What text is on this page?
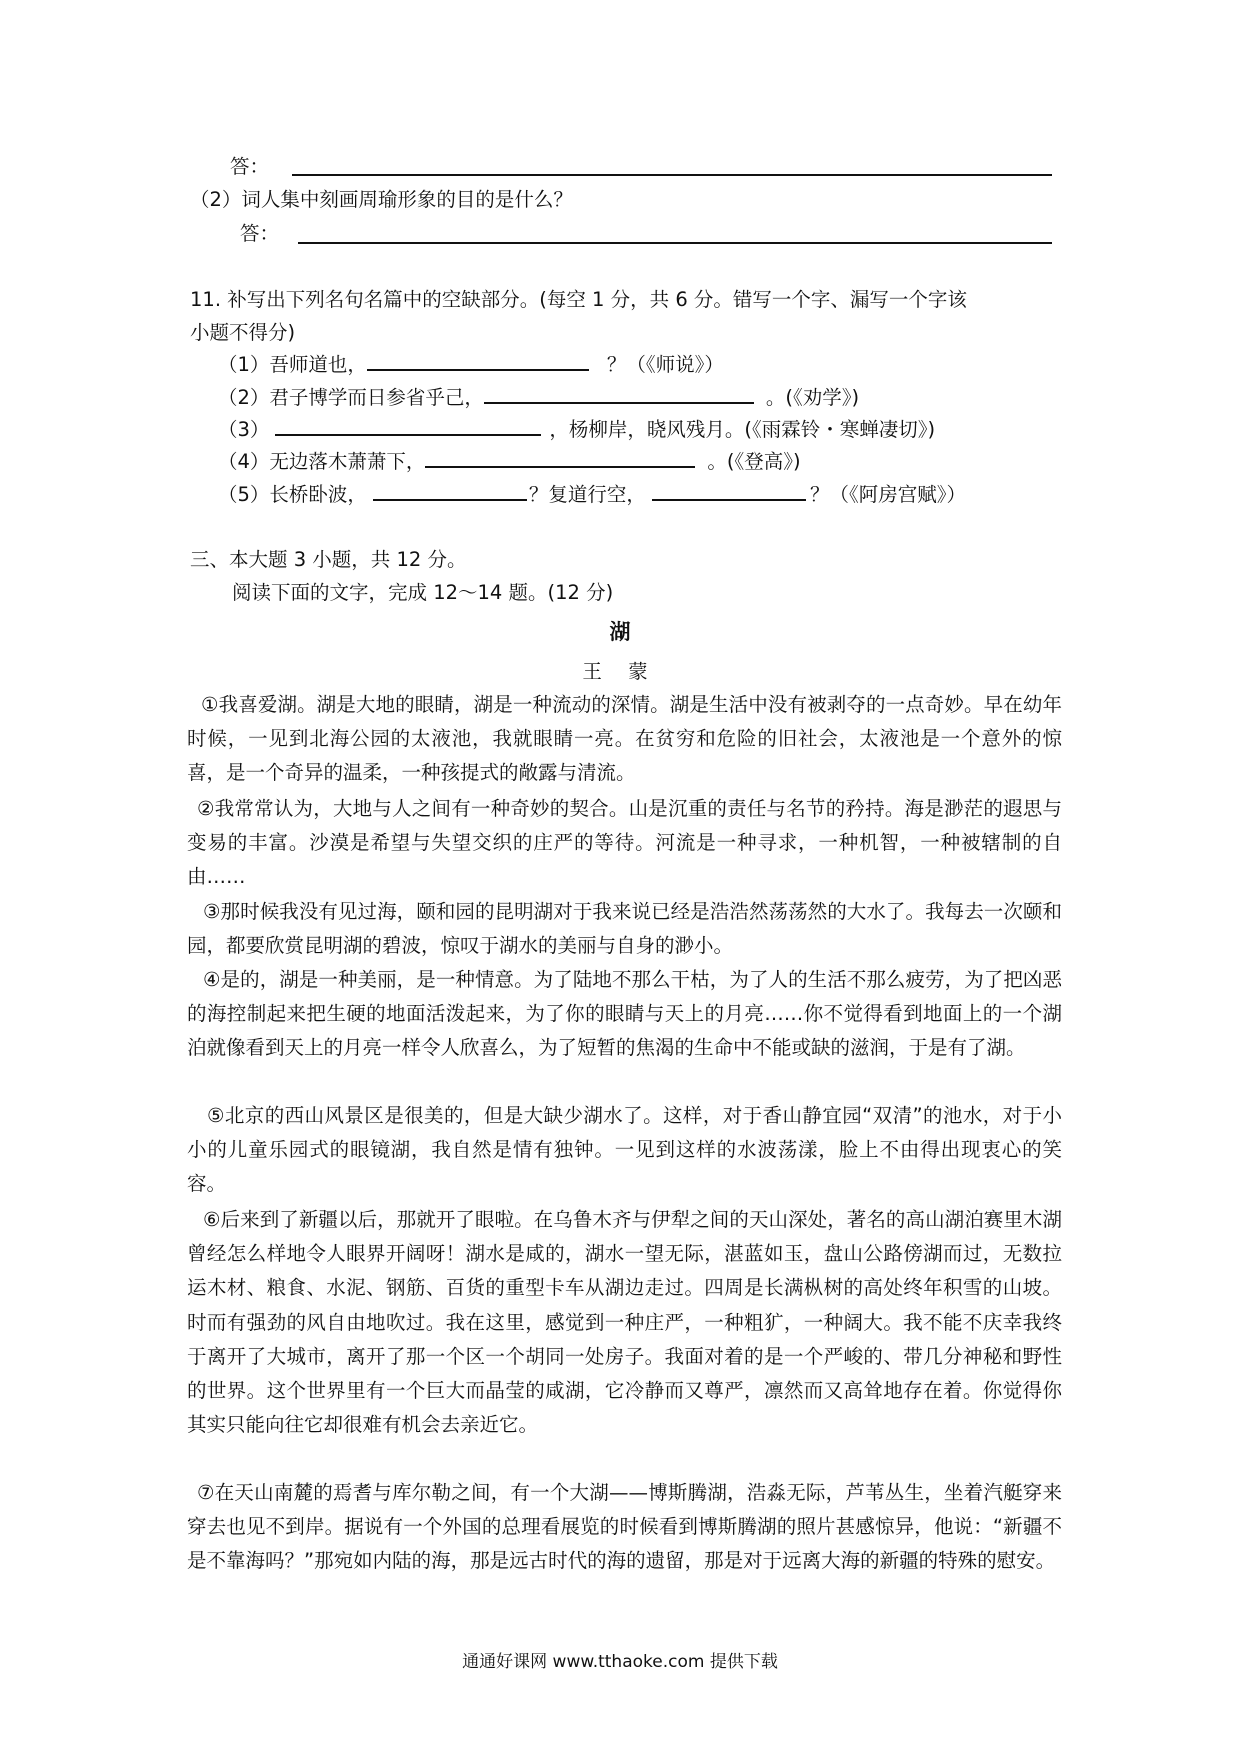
答：
（2）词人集中刻画周瑜形象的目的是什么？
答：
11. 补写出下列名句名篇中的空缺部分。(每空 1 分，共 6 分。错写一个字、漏写一个字该
小题不得分)
（1）吾师道也，	？（《师说》）
（2）君子博学而日参省乎己，	。(《劝学》)
（3）	，杨柳岸，晓风残月。(《雨霖铃・寒蝉凄切》)
（4）无边落木萧萧下，	。(《登高》)
（5）长桥卧波，	？复道行空，	？（《阿房宫赋》）
三、本大题 3 小题，共 12 分。
阅读下面的文字，完成 12～14 题。(12 分)
湖
王 蒙
①我喜爱湖。湖是大地的眼睛，湖是一种流动的深情。湖是生活中没有被剥夺的一点奇妙。早在幼年时候，一见到北海公园的太液池，我就眼睛一亮。在贫穷和危险的旧社会，太液池是一个意外的惊喜，是一个奇异的温柔，一种孩提式的敞露与清流。
②我常常认为，大地与人之间有一种奇妙的契合。山是沉重的责任与名节的矜持。海是渺茫的遐思与变易的丰富。沙漠是希望与失望交织的庄严的等待。河流是一种寻求，一种机智，一种被辖制的自由……
③那时候我没有见过海，颐和园的昆明湖对于我来说已经是浩浩然荡荡然的大水了。我每去一次颐和园，都要欣赏昆明湖的碧波，惊叹于湖水的美丽与自身的渺小。
④是的，湖是一种美丽，是一种情意。为了陆地不那么干枯，为了人的生活不那么疲劳，为了把凶恶的海控制起来把生硬的地面活泼起来，为了你的眼睛与天上的月亮……你不觉得看到地面上的一个湖泊就像看到天上的月亮一样令人欣喜么，为了短暂的焦渴的生命中不能或缺的滋润，于是有了湖。
⑤北京的西山风景区是很美的，但是大缺少湖水了。这样，对于香山静宜园“双清”的池水，对于小小的儿童乐园式的眼镜湖，我自然是情有独钟。一见到这样的水波荡漾，脸上不由得出现衷心的笑容。
⑥后来到了新疆以后，那就开了眼啦。在乌鲁木齐与伊犁之间的天山深处，著名的高山湖泊赛里木湖曾经怎么样地令人眼界开阔呀！湖水是咸的，湖水一望无际，湛蓝如玉，盘山公路傍湖而过，无数拉运木材、粮食、水泥、钢筋、百货的重型卡车从湖边走过。四周是长满枞树的高处终年积雪的山坡。时而有强劲的风自由地吹过。我在这里，感觉到一种庄严，一种粗犷，一种阔大。我不能不庆幸我终于离开了大城市，离开了那一个区一个胡同一处房子。我面对着的是一个严峻的、带几分神秘和野性的世界。这个世界里有一个巨大而晶莹的咸湖，它冷静而又尊严，凛然而又高耸地存在着。你觉得你其实只能向往它却很难有机会去亲近它。
⑦在天山南麓的焉耆与库尔勒之间，有一个大湖——博斯腾湖，浩淼无际，芦苇丛生，坐着汽艇穿来穿去也见不到岸。据说有一个外国的总理看展览的时候看到博斯腾湖的照片甚感惊异，他说：“新疆不是不靠海吗？”那宛如内陆的海，那是远古时代的海的遗留，那是对于远离大海的新疆的特殊的慰安。
通通好课网 www.tthaoke.com 提供下载
